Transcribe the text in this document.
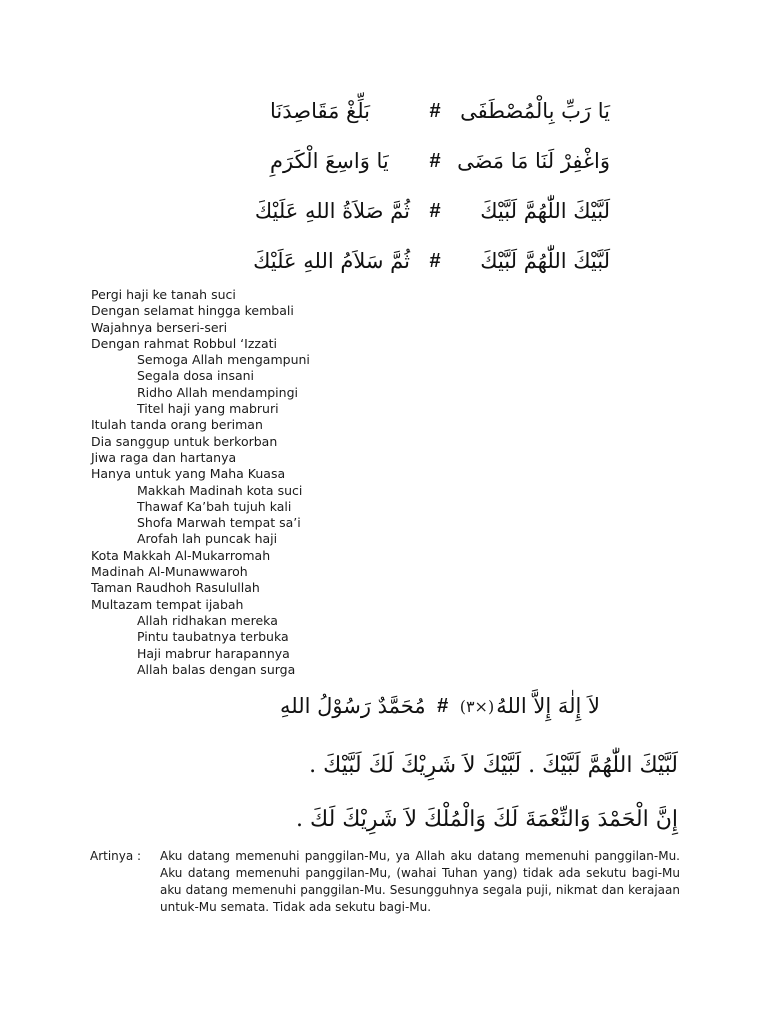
يَا رَبِّ بِالْمُصْطَفَى
#
بَلِّغْ مَقَاصِدَنَا
وَاغْفِرْ لَنَا مَا مَضَى
#
يَا وَاسِعَ الْكَرَمِ
لَبَّيْكَ اللّٰهُمَّ لَبَّيْكَ
#
ثُمَّ صَلاَةُ اللهِ عَلَيْكَ
لَبَّيْكَ اللّٰهُمَّ لَبَّيْكَ
#
ثُمَّ سَلاَمُ اللهِ عَلَيْكَ
Pergi haji ke tanah suci
Dengan selamat hingga kembali
Wajahnya berseri-seri
Dengan rahmat Robbul ‘Izzati
Semoga Allah mengampuni
Segala dosa insani
Ridho Allah mendampingi
Titel haji yang mabruri
Itulah tanda orang beriman
Dia sanggup untuk berkorban
Jiwa raga dan hartanya
Hanya untuk yang Maha Kuasa
Makkah Madinah kota suci
Thawaf Ka’bah tujuh kali
Shofa Marwah tempat sa’i
Arofah lah puncak haji
Kota Makkah Al-Mukarromah
Madinah Al-Munawwaroh
Taman Raudhoh Rasulullah
Multazam tempat ijabah
Allah ridhakan mereka
Pintu taubatnya terbuka
Haji mabrur harapannya
Allah balas dengan surga
لاَ إِلٰهَ إِلاَّ اللهُ
(×٣)
#
مُحَمَّدٌ رَسُوْلُ اللهِ
لَبَّيْكَ اللّٰهُمَّ لَبَّيْكَ . لَبَّيْكَ لاَ شَرِيْكَ لَكَ لَبَّيْكَ .
إِنَّ الْحَمْدَ وَالنِّعْمَةَ لَكَ وَالْمُلْكَ لاَ شَرِيْكَ لَكَ .
Artinya : Aku datang memenuhi panggilan-Mu, ya Allah aku datang memenuhi panggilan-Mu. Aku datang memenuhi panggilan-Mu, (wahai Tuhan yang) tidak ada sekutu bagi-Mu aku datang memenuhi panggilan-Mu. Sesungguhnya segala puji, nikmat dan kerajaan untuk-Mu semata. Tidak ada sekutu bagi-Mu.
